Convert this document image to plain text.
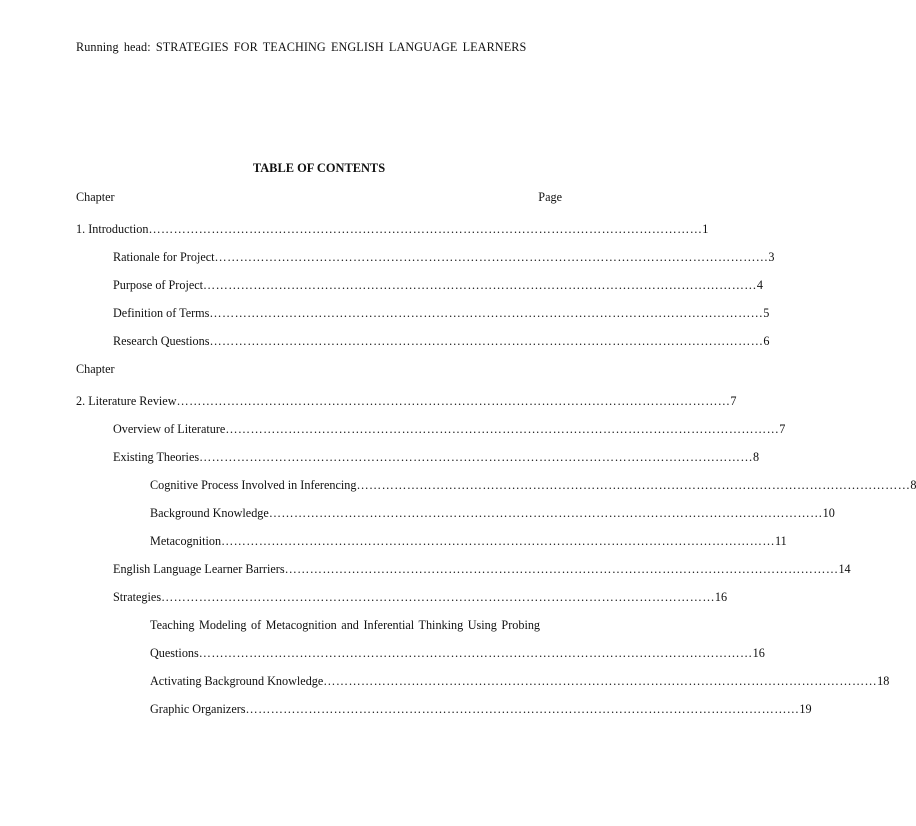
Running head: STRATEGIES FOR TEACHING ENGLISH LANGUAGE LEARNERS
TABLE OF CONTENTS
Chapter	Page
1. Introduction …………………………………………………………………………………………………………………… 1
Rationale for Project …………………………………………………………………………………………………………………… 3
Purpose of Project …………………………………………………………………………………………………………………… 4
Definition of Terms …………………………………………………………………………………………………………………… 5
Research Questions …………………………………………………………………………………………………………………… 6
Chapter
2. Literature Review …………………………………………………………………………………………………………………… 7
Overview of Literature …………………………………………………………………………………………………………………… 7
Existing Theories …………………………………………………………………………………………………………………… 8
Cognitive Process Involved in Inferencing …………………………………………………………………………………………………………………… 8
Background Knowledge …………………………………………………………………………………………………………………… 10
Metacognition …………………………………………………………………………………………………………………… 11
English Language Learner Barriers …………………………………………………………………………………………………………………… 14
Strategies …………………………………………………………………………………………………………………… 16
Teaching Modeling of Metacognition and Inferential Thinking Using Probing
Questions …………………………………………………………………………………………………………………… 16
Activating Background Knowledge …………………………………………………………………………………………………………………… 18
Graphic Organizers …………………………………………………………………………………………………………………… 19
